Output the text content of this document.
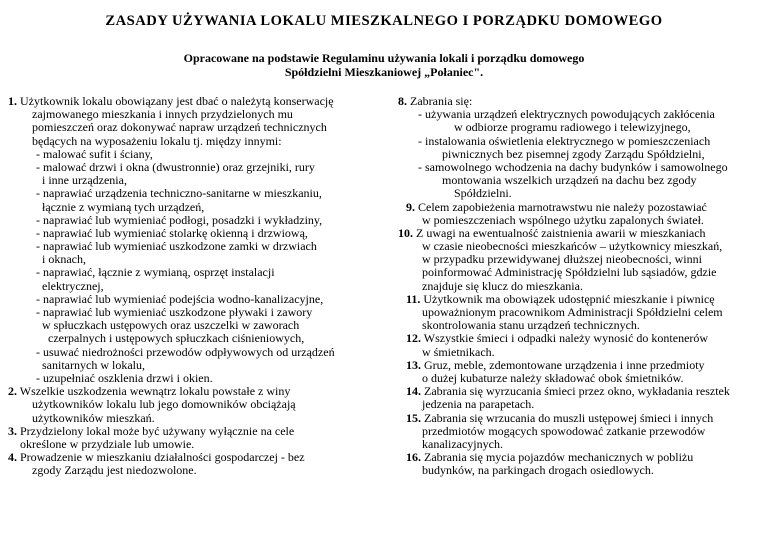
ZASADY UŻYWANIA LOKALU MIESZKALNEGO I PORZĄDKU DOMOWEGO
Opracowane na podstawie Regulaminu używania lokali i porządku domowego
Spółdzielni Mieszkaniowej „Połaniec".
1. Użytkownik lokalu obowiązany jest dbać o należytą konserwację
zajmowanego mieszkania i innych przydzielonych mu
pomieszczeń oraz dokonywać napraw urządzeń technicznych
będących na wyposażeniu lokalu tj. między innymi:
- malować sufit i ściany,
- malować drzwi i okna (dwustronnie) oraz grzejniki, rury
i inne urządzenia,
- naprawiać urządzenia techniczno-sanitarne w mieszkaniu,
łącznie z wymianą tych urządzeń,
- naprawiać lub wymieniać podłogi, posadzki i wykładziny,
- naprawiać lub wymieniać stolarkę okienną i drzwiową,
- naprawiać lub wymieniać uszkodzone zamki w drzwiach
i oknach,
- naprawiać, łącznie z wymianą, osprzęt instalacji
elektrycznej,
- naprawiać lub wymieniać podejścia wodno-kanalizacyjne,
- naprawiać lub wymieniać uszkodzone pływaki i zawory
w spłuczkach ustępowych oraz uszczelki w zaworach
czerpalnych i ustępowych spłuczkach ciśnieniowych,
- usuwać niedrożności przewodów odpływowych od urządzeń
sanitarnych w lokalu,
- uzupełniać oszklenia drzwi i okien.
2. Wszelkie uszkodzenia wewnątrz lokalu powstałe z winy
użytkowników lokalu lub jego domowników obciążają
użytkowników mieszkań.
3. Przydzielony lokal może być używany wyłącznie na cele
określone w przydziale lub umowie.
4. Prowadzenie w mieszkaniu działalności gospodarczej - bez
zgody Zarządu jest niedozwolone.
8. Zabrania się:
- używania urządzeń elektrycznych powodujących zakłócenia
w odbiorze programu radiowego i telewizyjnego,
- instalowania oświetlenia elektrycznego w pomieszczeniach
piwnicznych bez pisemnej zgody Zarządu Spółdzielni,
- samowolnego wchodzenia na dachy budynków i samowolnego
montowania wszelkich urządzeń na dachu bez zgody
Spółdzielni.
9. Celem zapobieżenia marnotrawstwu nie należy pozostawiać
w pomieszczeniach wspólnego użytku zapalonych świateł.
10. Z uwagi na ewentualność zaistnienia awarii w mieszkaniach
w czasie nieobecności mieszkańców – użytkownicy mieszkań,
w przypadku przewidywanej dłuższej nieobecności, winni
poinformować Administrację Spółdzielni lub sąsiadów, gdzie
znajduje się klucz do mieszkania.
11. Użytkownik ma obowiązek udostępnić mieszkanie i piwnicę
upoważnionym pracownikom Administracji Spółdzielni celem
skontrolowania stanu urządzeń technicznych.
12. Wszystkie śmieci i odpadki należy wynosić do kontenerów
w śmietnikach.
13. Gruz, meble, zdemontowane urządzenia i inne przedmioty
o dużej kubaturze należy składować obok śmietników.
14. Zabrania się wyrzucania śmieci przez okno, wykładania resztek
jedzenia na parapetach.
15. Zabrania się wrzucania do muszli ustępowej śmieci i innych
przedmiotów mogących spowodować zatkanie przewodów
kanalizacyjnych.
16. Zabrania się mycia pojazdów mechanicznych w pobliżu
budynków, na parkingach drogach osiedlowych.
